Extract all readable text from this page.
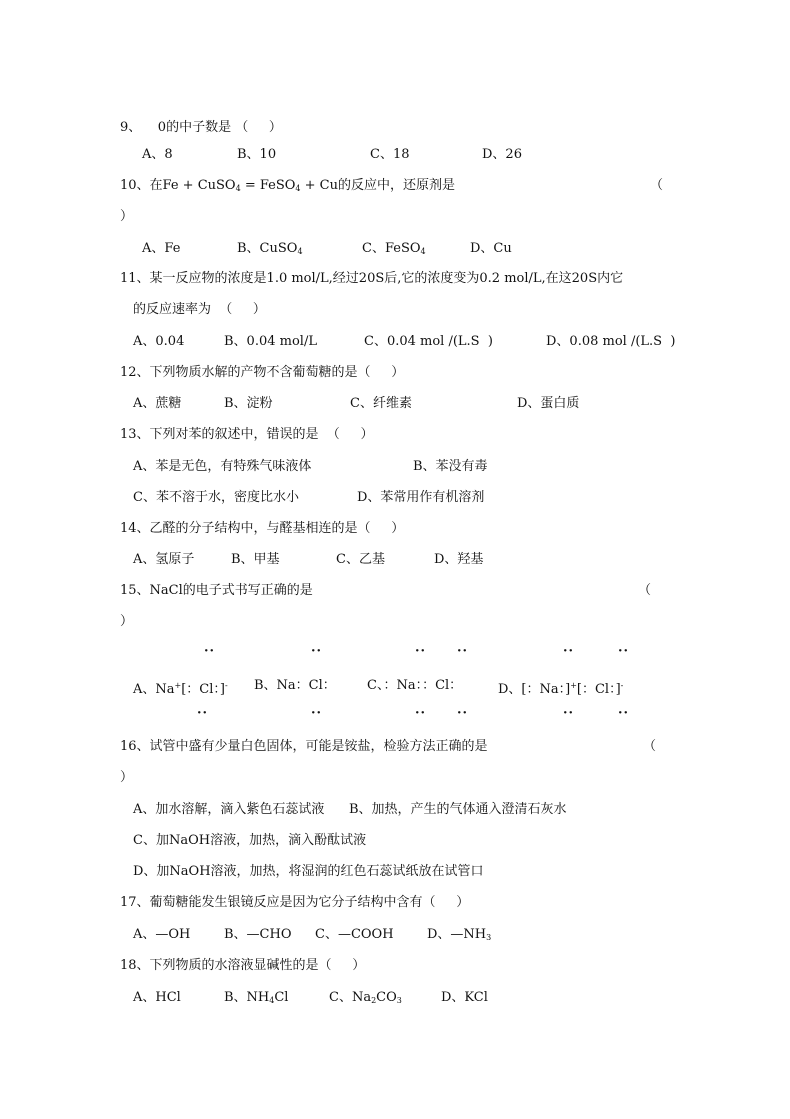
9、    0的中子数是 （     ）
A、8	B、10	C、18	D、26
10、在Fe + CuSO$_4$ = FeSO$_4$ + Cu的反应中，还原剂是	（
）
A、Fe	B、CuSO$_4$	C、FeSO$_4$	D、Cu
11、某一反应物的浓度是1.0 mol/L,经过20S后,它的浓度变为0.2 mol/L,在这20S内它
的反应速率为  （     ）
A、0.04	B、0.04 mol/L	C、0.04 mol /(L.S  )	D、0.08 mol /(L.S  )
12、下列物质水解的产物不含葡萄糖的是（     ）
A、蔗糖	B、淀粉	C、纤维素	D、蛋白质
13、下列对苯的叙述中，错误的是  （     ）
A、苯是无色，有特殊气味液体	B、苯没有毒
C、苯不溶于水，密度比水小	D、苯常用作有机溶剂
14、乙醛的分子结构中，与醛基相连的是（     ）
A、氢原子	B、甲基	C、乙基	D、羟基
15、NaCl的电子式书写正确的是	（
）
··	··	·· ··	··	··
A、Na+[：Cl：]- B、Na：Cl： C、：Na：：Cl：	D、[：Na：]+[：Cl：]-
··	··	·· ··	··	··
16、试管中盛有少量白色固体，可能是铵盐，检验方法正确的是	（
）
A、加水溶解，滴入紫色石蕊试液 B、加热，产生的气体通入澄清石灰水
C、加NaOH溶液，加热，滴入酚酞试液
D、加NaOH溶液，加热，将湿润的红色石蕊试纸放在试管口
17、葡萄糖能发生银镜反应是因为它分子结构中含有（     ）
A、—OH	B、—CHO C、—COOH	D、$—NH_3$
18、下列物质的水溶液显碱性的是（     ）
A、HCl	B、$NH_4Cl$	C、$Na_2CO_3$	D、KCl
